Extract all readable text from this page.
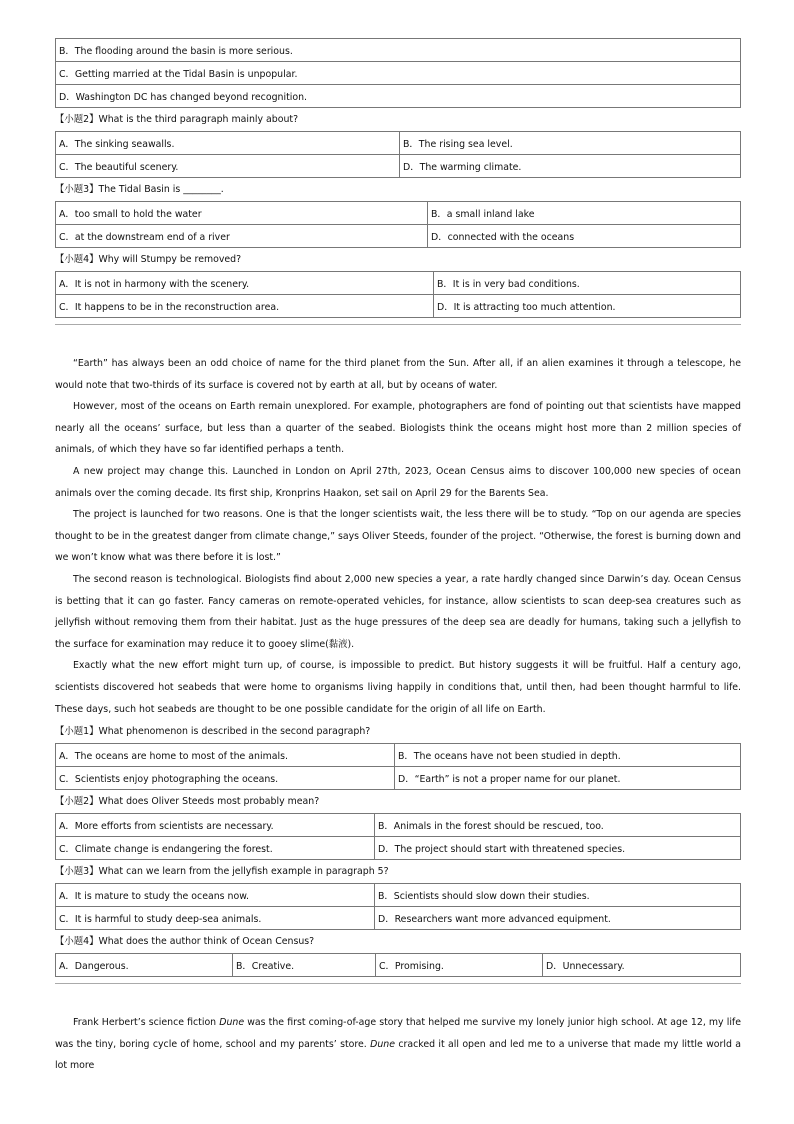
B．The flooding around the basin is more serious.
C．Getting married at the Tidal Basin is unpopular.
D．Washington DC has changed beyond recognition.
【小题2】What is the third paragraph mainly about?
A．The sinking seawalls.	B．The rising sea level.
C．The beautiful scenery.	D．The warming climate.
【小题3】The Tidal Basin is ________.
A．too small to hold the water	B．a small inland lake
C．at the downstream end of a river	D．connected with the oceans
【小题4】Why will Stumpy be removed?
A．It is not in harmony with the scenery.	B．It is in very bad conditions.
C．It happens to be in the reconstruction area.	D．It is attracting too much attention.

“Earth” has always been an odd choice of name for the third planet from the Sun. After all, if an alien examines it through a telescope, he would note that two-thirds of its surface is covered not by earth at all, but by oceans of water.

However, most of the oceans on Earth remain unexplored. For example, photographers are fond of pointing out that scientists have mapped nearly all the oceans’ surface, but less than a quarter of the seabed. Biologists think the oceans might host more than 2 million species of animals, of which they have so far identified perhaps a tenth.

A new project may change this. Launched in London on April 27th, 2023, Ocean Census aims to discover 100,000 new species of ocean animals over the coming decade. Its first ship, Kronprins Haakon, set sail on April 29 for the Barents Sea.

The project is launched for two reasons. One is that the longer scientists wait, the less there will be to study. “Top on our agenda are species thought to be in the greatest danger from climate change,” says Oliver Steeds, founder of the project. “Otherwise, the forest is burning down and we won’t know what was there before it is lost.”

The second reason is technological. Biologists find about 2,000 new species a year, a rate hardly changed since Darwin’s day. Ocean Census is betting that it can go faster. Fancy cameras on remote-operated vehicles, for instance, allow scientists to scan deep-sea creatures such as jellyfish without removing them from their habitat. Just as the huge pressures of the deep sea are deadly for humans, taking such a jellyfish to the surface for examination may reduce it to gooey slime(黏液).

Exactly what the new effort might turn up, of course, is impossible to predict. But history suggests it will be fruitful. Half a century ago, scientists discovered hot seabeds that were home to organisms living happily in conditions that, until then, had been thought harmful to life. These days, such hot seabeds are thought to be one possible candidate for the origin of all life on Earth.

【小题1】What phenomenon is described in the second paragraph?
A．The oceans are home to most of the animals.	B．The oceans have not been studied in depth.
C．Scientists enjoy photographing the oceans.	D．“Earth” is not a proper name for our planet.
【小题2】What does Oliver Steeds most probably mean?
A．More efforts from scientists are necessary.	B．Animals in the forest should be rescued, too.
C．Climate change is endangering the forest.	D．The project should start with threatened species.
【小题3】What can we learn from the jellyfish example in paragraph 5?
A．It is mature to study the oceans now.	B．Scientists should slow down their studies.
C．It is harmful to study deep-sea animals.	D．Researchers want more advanced equipment.
【小题4】What does the author think of Ocean Census?
A．Dangerous.	B．Creative.	C．Promising.	D．Unnecessary.

Frank Herbert’s science fiction Dune was the first coming-of-age story that helped me survive my lonely junior high school. At age 12, my life was the tiny, boring cycle of home, school and my parents’ store. Dune cracked it all open and led me to a universe that made my little world a lot more
